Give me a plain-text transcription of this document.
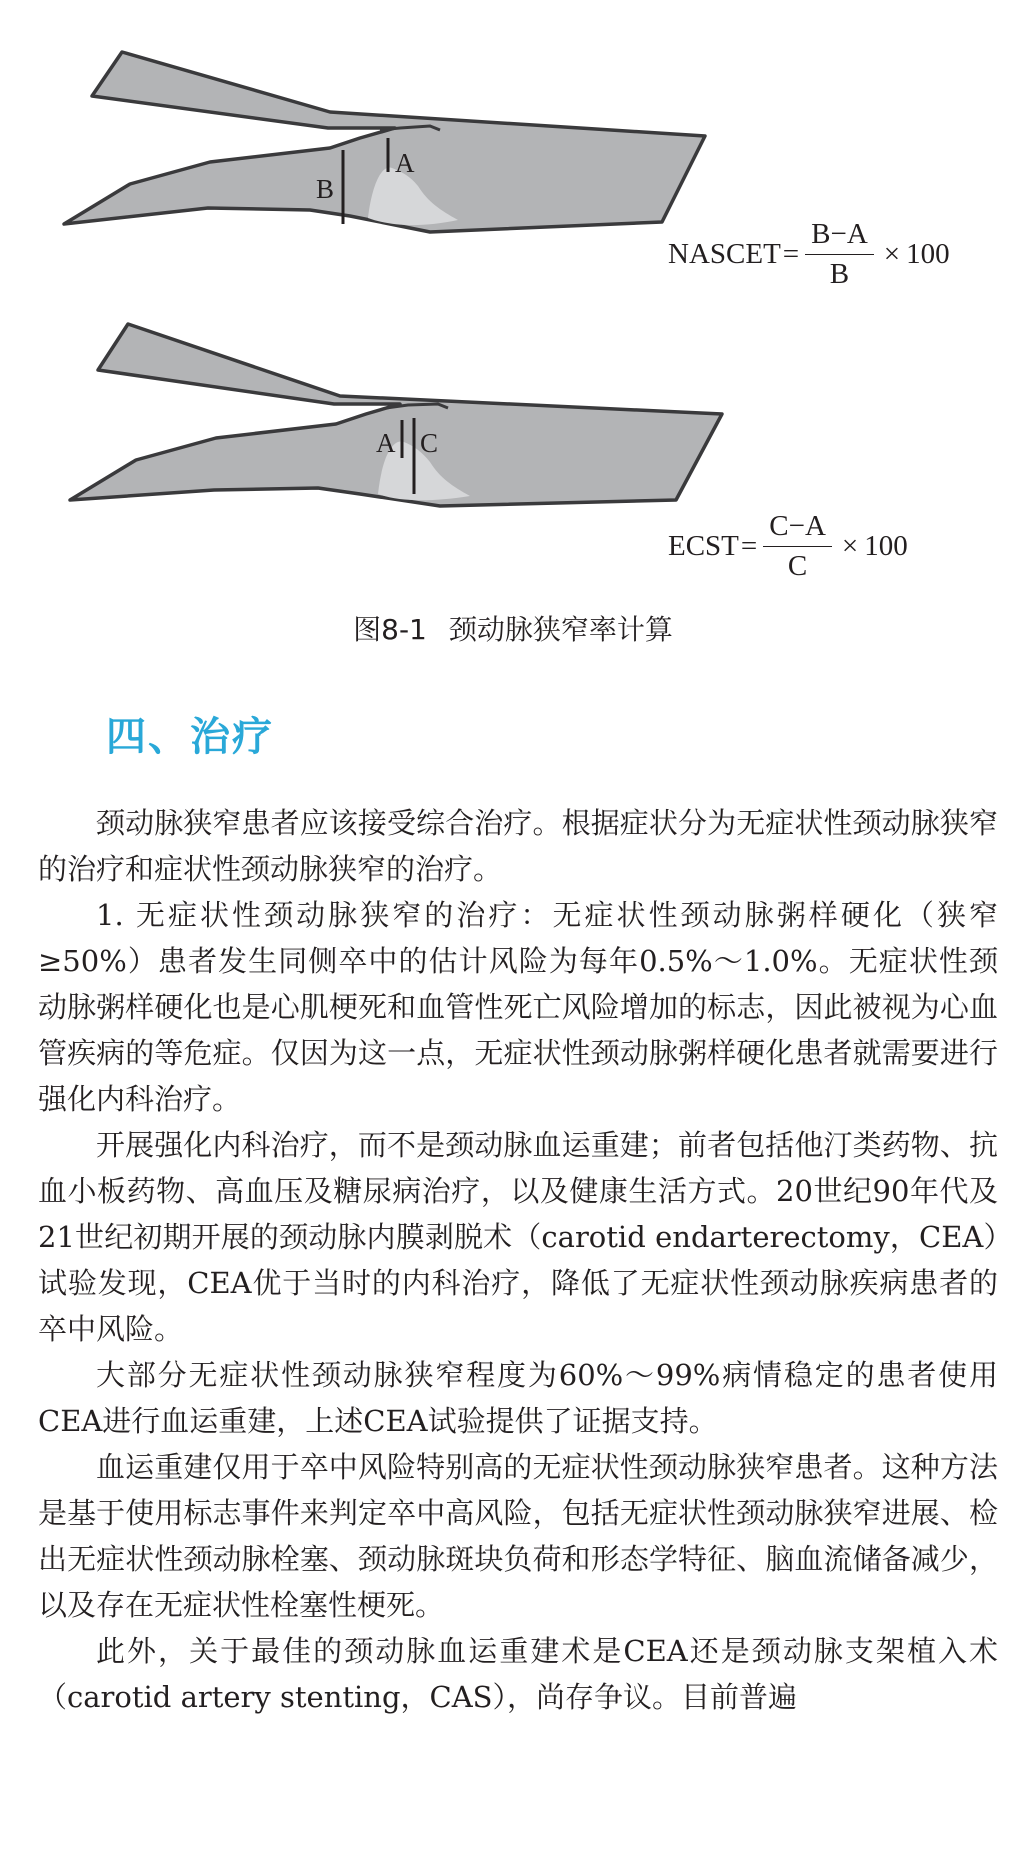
B
A
A C
NASCET = $\frac{B-A}{B} \times 100$
ECST = $\frac{C-A}{C} \times 100$
图8-1 颈动脉狭窄率计算
四、治疗

颈动脉狭窄患者应该接受综合治疗。根据症状分为无症状性颈动脉狭窄的治疗和症状性颈动脉狭窄的治疗。

1. 无症状性颈动脉狭窄的治疗：无症状性颈动脉粥样硬化（狭窄≥50%）患者发生同侧卒中的估计风险为每年0.5%～1.0%。无症状性颈动脉粥样硬化也是心肌梗死和血管性死亡风险增加的标志，因此被视为心血管疾病的等危症。仅因为这一点，无症状性颈动脉粥样硬化患者就需要进行强化内科治疗。

开展强化内科治疗，而不是颈动脉血运重建；前者包括他汀类药物、抗血小板药物、高血压及糖尿病治疗，以及健康生活方式。20世纪90年代及21世纪初期开展的颈动脉内膜剥脱术（carotid endarterectomy，CEA）试验发现，CEA优于当时的内科治疗，降低了无症状性颈动脉疾病患者的卒中风险。

大部分无症状性颈动脉狭窄程度为60%～99%病情稳定的患者使用CEA进行血运重建，上述CEA试验提供了证据支持。

血运重建仅用于卒中风险特别高的无症状性颈动脉狭窄患者。这种方法是基于使用标志事件来判定卒中高风险，包括无症状性颈动脉狭窄进展、检出无症状性颈动脉栓塞、颈动脉斑块负荷和形态学特征、脑血流储备减少，以及存在无症状性栓塞性梗死。

此外，关于最佳的颈动脉血运重建术是CEA还是颈动脉支架植入术（carotid artery stenting，CAS），尚存争议。目前普遍
